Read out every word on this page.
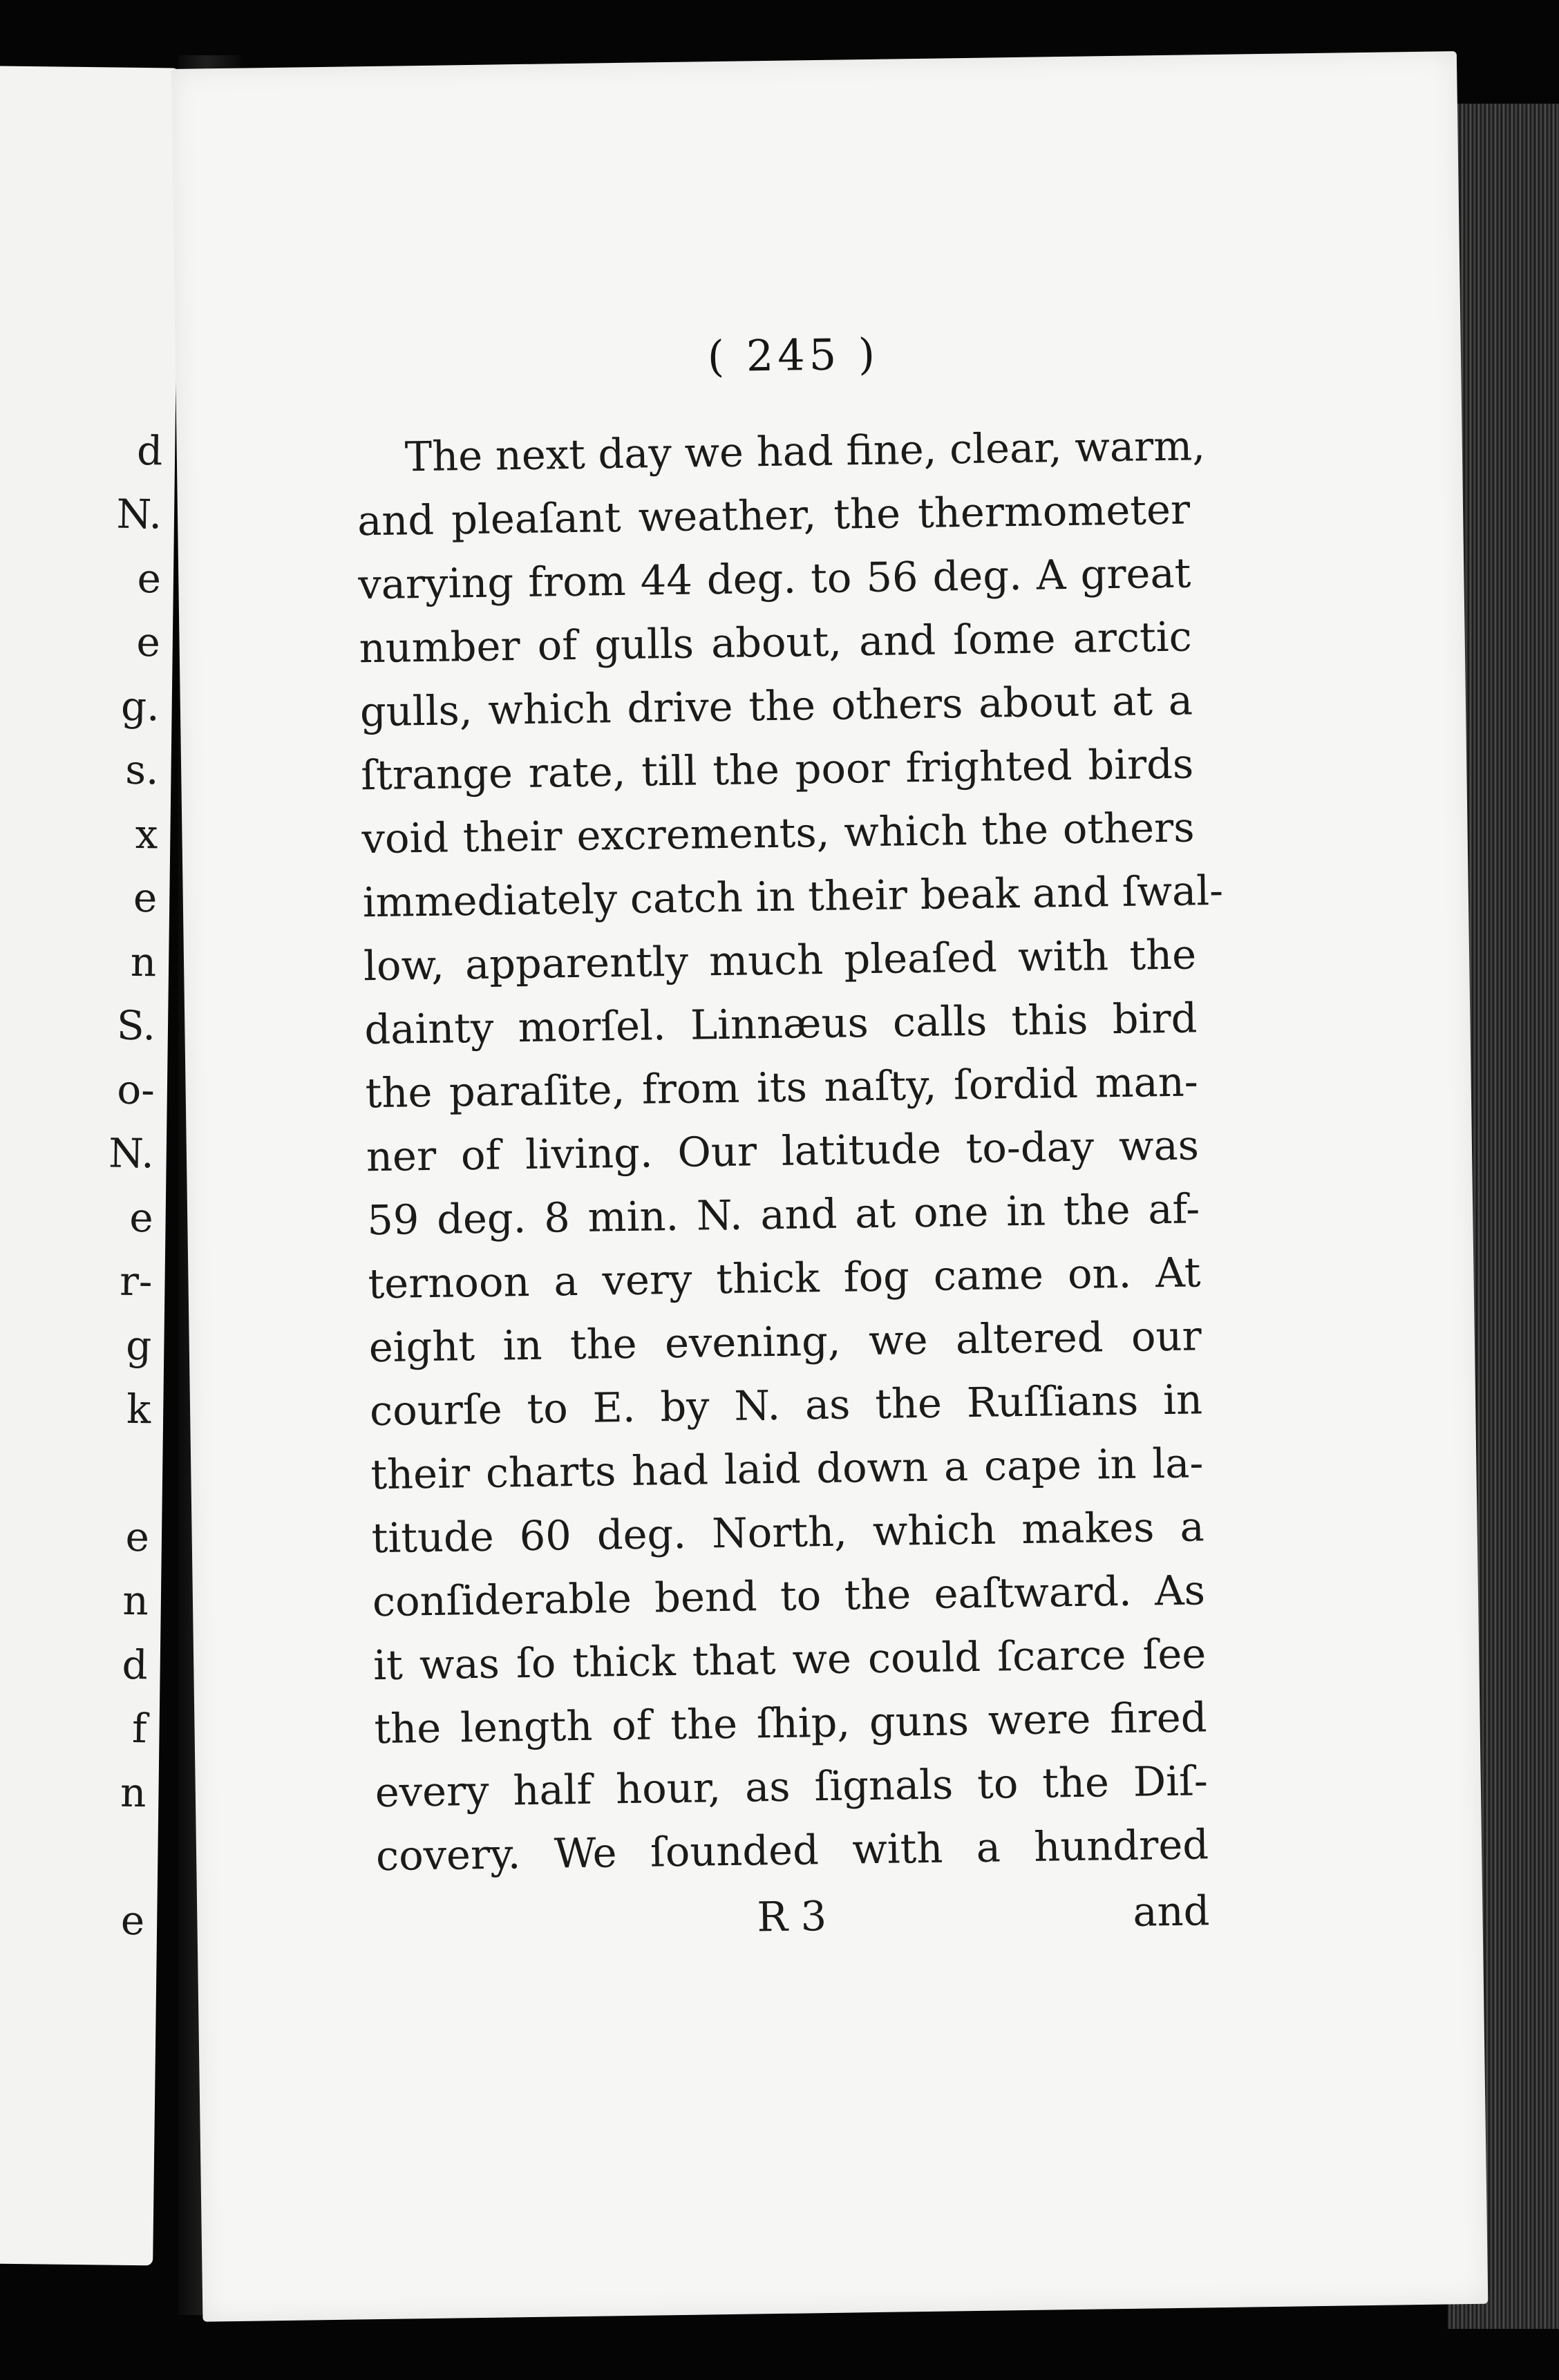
d
N.
e
e
g.
s.
x
e
n
S.
o-
N.
e
r-
g
k
e
n
d
f
n
e
( 245 )
The next day we had fine, clear, warm,
and pleaſant weather, the thermometer
varying from 44 deg. to 56 deg. A great
number of gulls about, and ſome arctic
gulls, which drive the others about at a
ſtrange rate, till the poor frighted birds
void their excrements, which the others
immediately catch in their beak and ſwal-
low, apparently much pleaſed with the
dainty morſel. Linnæus calls this bird
the paraſite, from its naſty, ſordid man-
ner of living. Our latitude to-day was
59 deg. 8 min. N. and at one in the af-
ternoon a very thick fog came on. At
eight in the evening, we altered our
courſe to E. by N. as the Ruſſians in
their charts had laid down a cape in la-
titude 60 deg. North, which makes a
conſiderable bend to the eaſtward. As
it was ſo thick that we could ſcarce ſee
the length of the ſhip, guns were fired
every half hour, as ſignals to the Diſ-
covery. We ſounded with a hundred
R 3	and
